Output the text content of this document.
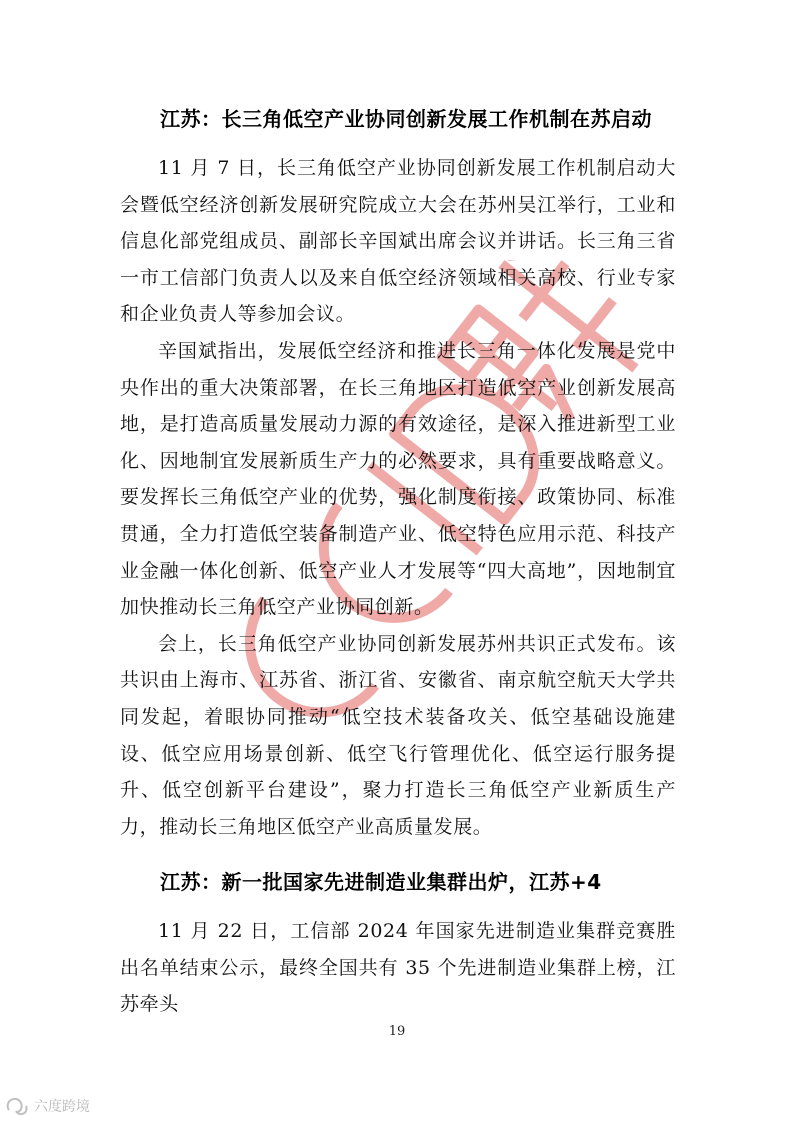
江苏：长三角低空产业协同创新发展工作机制在苏启动

11 月 7 日，长三角低空产业协同创新发展工作机制启动大会暨低空经济创新发展研究院成立大会在苏州吴江举行，工业和信息化部党组成员、副部长辛国斌出席会议并讲话。长三角三省一市工信部门负责人以及来自低空经济领域相关高校、行业专家和企业负责人等参加会议。

辛国斌指出，发展低空经济和推进长三角一体化发展是党中央作出的重大决策部署，在长三角地区打造低空产业创新发展高地，是打造高质量发展动力源的有效途径，是深入推进新型工业化、因地制宜发展新质生产力的必然要求，具有重要战略意义。要发挥长三角低空产业的优势，强化制度衔接、政策协同、标准贯通，全力打造低空装备制造产业、低空特色应用示范、科技产业金融一体化创新、低空产业人才发展等“四大高地”，因地制宜加快推动长三角低空产业协同创新。

会上，长三角低空产业协同创新发展苏州共识正式发布。该共识由上海市、江苏省、浙江省、安徽省、南京航空航天大学共同发起，着眼协同推动“低空技术装备攻关、低空基础设施建设、低空应用场景创新、低空飞行管理优化、低空运行服务提升、低空创新平台建设”，聚力打造长三角低空产业新质生产力，推动长三角地区低空产业高质量发展。

江苏：新一批国家先进制造业集群出炉，江苏+4

11 月 22 日，工信部 2024 年国家先进制造业集群竞赛胜出名单结束公示，最终全国共有 35 个先进制造业集群上榜，江苏牵头

19
六度跨境
